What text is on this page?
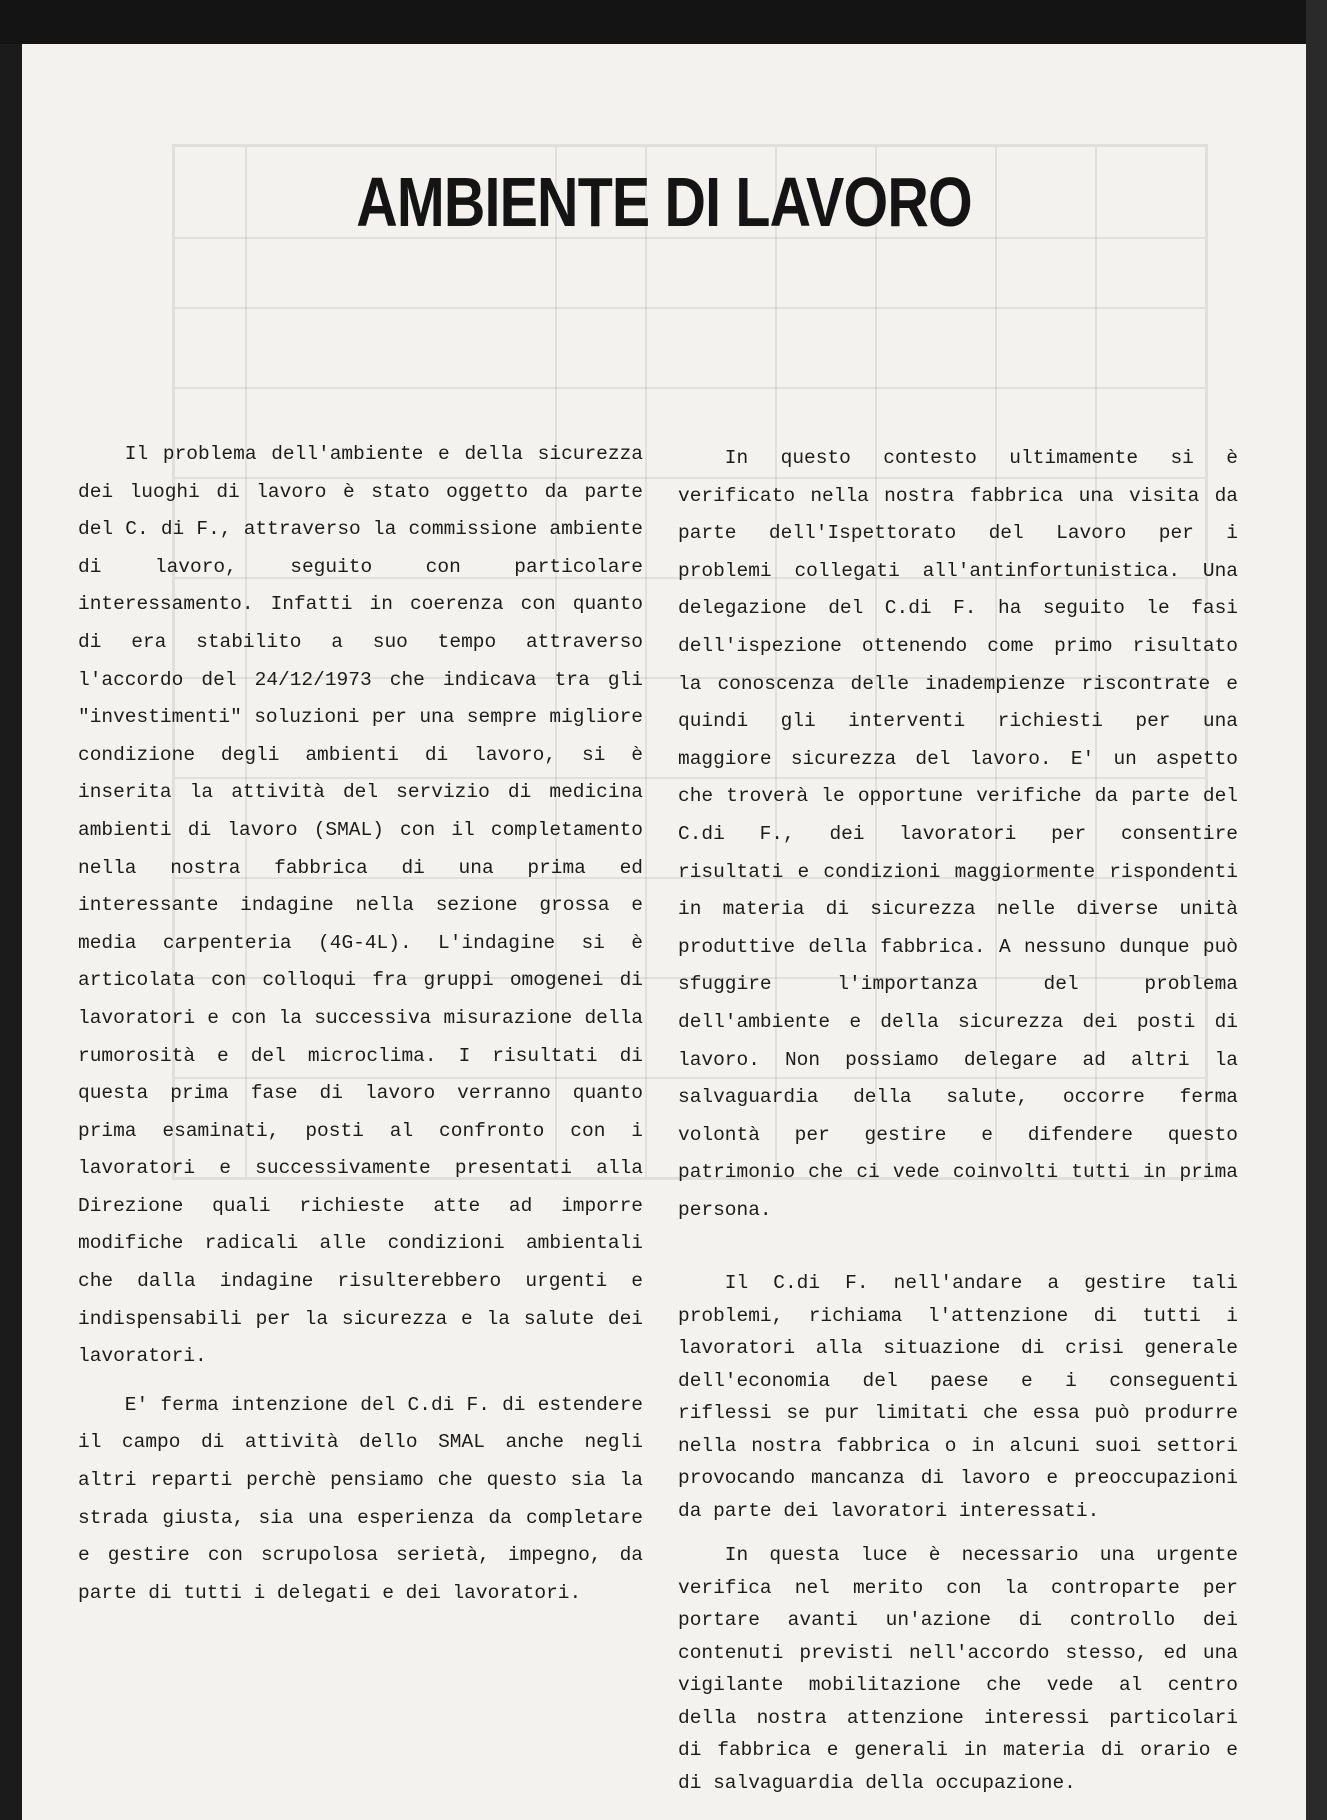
AMBIENTE DI LAVORO

Il problema dell'ambiente e della sicurezza dei luoghi di lavoro è stato oggetto da parte del C. di F., attraverso la commissione ambiente di lavoro, seguito con particolare interessamento. Infatti in coerenza con quanto di era stabilito a suo tempo attraverso l'accordo del 24/12/1973 che indicava tra gli "investimenti" soluzioni per una sempre migliore condizione degli ambienti di lavoro, si è inserita la attività del servizio di medicina ambienti di lavoro (SMAL) con il completamento nella nostra fabbrica di una prima ed interessante indagine nella sezione grossa e media carpenteria (4G-4L). L'indagine si è articolata con colloqui fra gruppi omogenei di lavoratori e con la successiva misurazione della rumorosità e del microclima. I risultati di questa prima fase di lavoro verranno quanto prima esaminati, posti al confronto con i lavoratori e successivamente presentati alla Direzione quali richieste atte ad imporre modifiche radicali alle condizioni ambientali che dalla indagine risulterebbero urgenti e indispensabili per la sicurezza e la salute dei lavoratori.

E' ferma intenzione del C.di F. di estendere il campo di attività dello SMAL anche negli altri reparti perchè pensiamo che questo sia la strada giusta, sia una esperienza da completare e gestire con scrupolosa serietà, impegno, da parte di tutti i delegati e dei lavoratori.

In questo contesto ultimamente si è verificato nella nostra fabbrica una visita da parte dell'Ispettorato del Lavoro per i problemi collegati all'antinfortunistica. Una delegazione del C.di F. ha seguito le fasi dell'ispezione ottenendo come primo risultato la conoscenza delle inadempienze riscontrate e quindi gli interventi richiesti per una maggiore sicurezza del lavoro. E' un aspetto che troverà le opportune verifiche da parte del C.di F., dei lavoratori per consentire risultati e condizioni maggiormente rispondenti in materia di sicurezza nelle diverse unità produttive della fabbrica. A nessuno dunque può sfuggire l'importanza del problema dell'ambiente e della sicurezza dei posti di lavoro. Non possiamo delegare ad altri la salvaguardia della salute, occorre ferma volontà per gestire e difendere questo patrimonio che ci vede coinvolti tutti in prima persona.

Il C.di F. nell'andare a gestire tali problemi, richiama l'attenzione di tutti i lavoratori alla situazione di crisi generale dell'economia del paese e i conseguenti riflessi se pur limitati che essa può produrre nella nostra fabbrica o in alcuni suoi settori provocando mancanza di lavoro e preoccupazioni da parte dei lavoratori interessati.

In questa luce è necessario una urgente verifica nel merito con la controparte per portare avanti un'azione di controllo dei contenuti previsti nell'accordo stesso, ed una vigilante mobilitazione che vede al centro della nostra attenzione interessi particolari di fabbrica e generali in materia di orario e di salvaguardia della occupazione.
